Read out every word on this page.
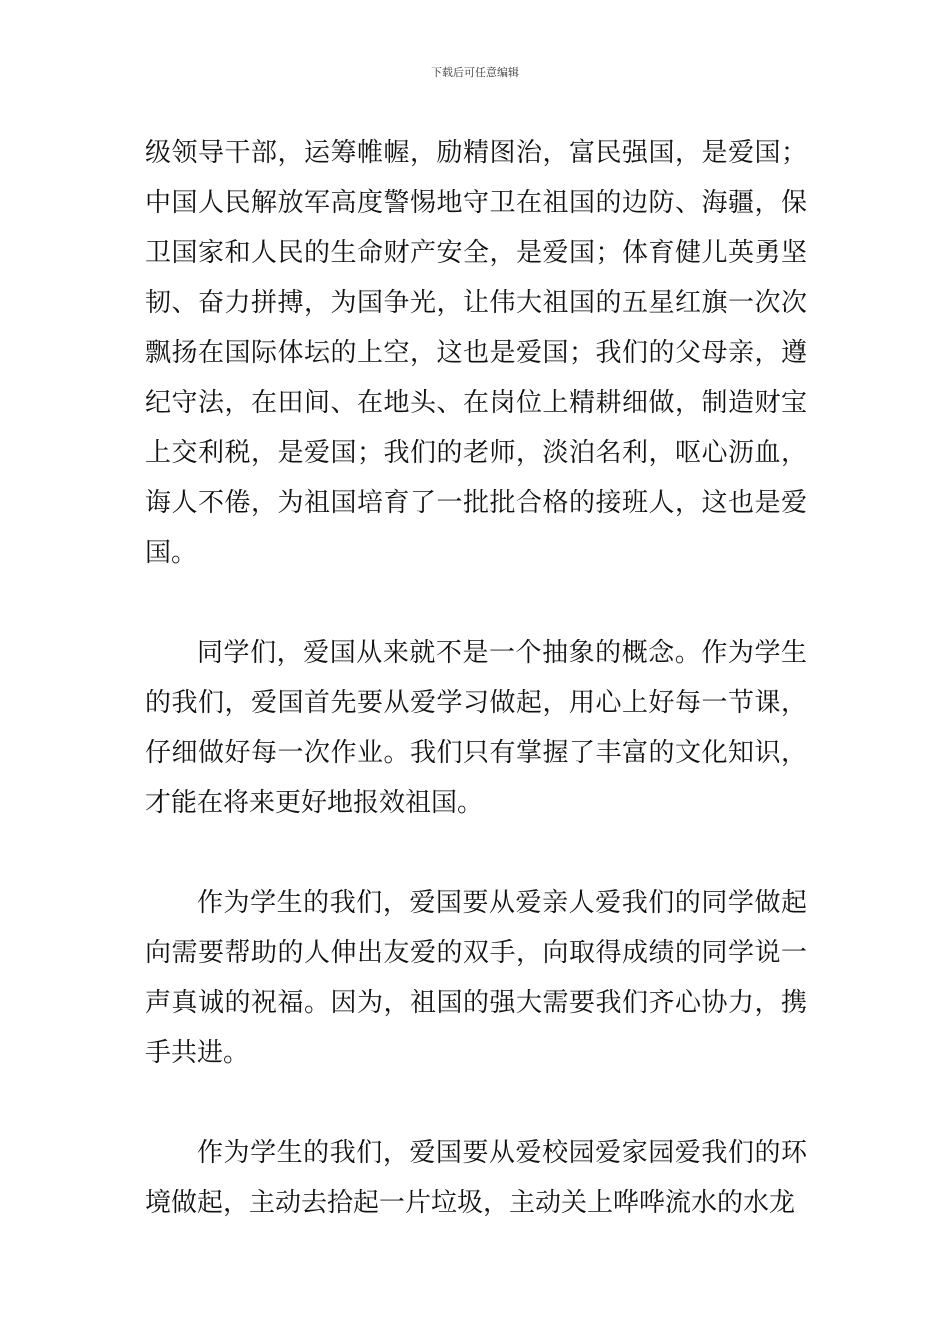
下载后可任意编辑

级领导干部，运筹帷幄，励精图治，富民强国，是爱国；中国人民解放军高度警惕地守卫在祖国的边防、海疆，保卫国家和人民的生命财产安全，是爱国；体育健儿英勇坚韧、奋力拼搏，为国争光，让伟大祖国的五星红旗一次次飘扬在国际体坛的上空，这也是爱国；我们的父母亲，遵纪守法，在田间、在地头、在岗位上精耕细做，制造财宝上交利税，是爱国；我们的老师，淡泊名利，呕心沥血，诲人不倦，为祖国培育了一批批合格的接班人，这也是爱国。

同学们，爱国从来就不是一个抽象的概念。作为学生的我们，爱国首先要从爱学习做起，用心上好每一节课，仔细做好每一次作业。我们只有掌握了丰富的文化知识，才能在将来更好地报效祖国。

作为学生的我们，爱国要从爱亲人爱我们的同学做起向需要帮助的人伸出友爱的双手，向取得成绩的同学说一声真诚的祝福。因为，祖国的强大需要我们齐心协力，携手共进。

作为学生的我们，爱国要从爱校园爱家园爱我们的环境做起，主动去拾起一片垃圾，主动关上哗哗流水的水龙
